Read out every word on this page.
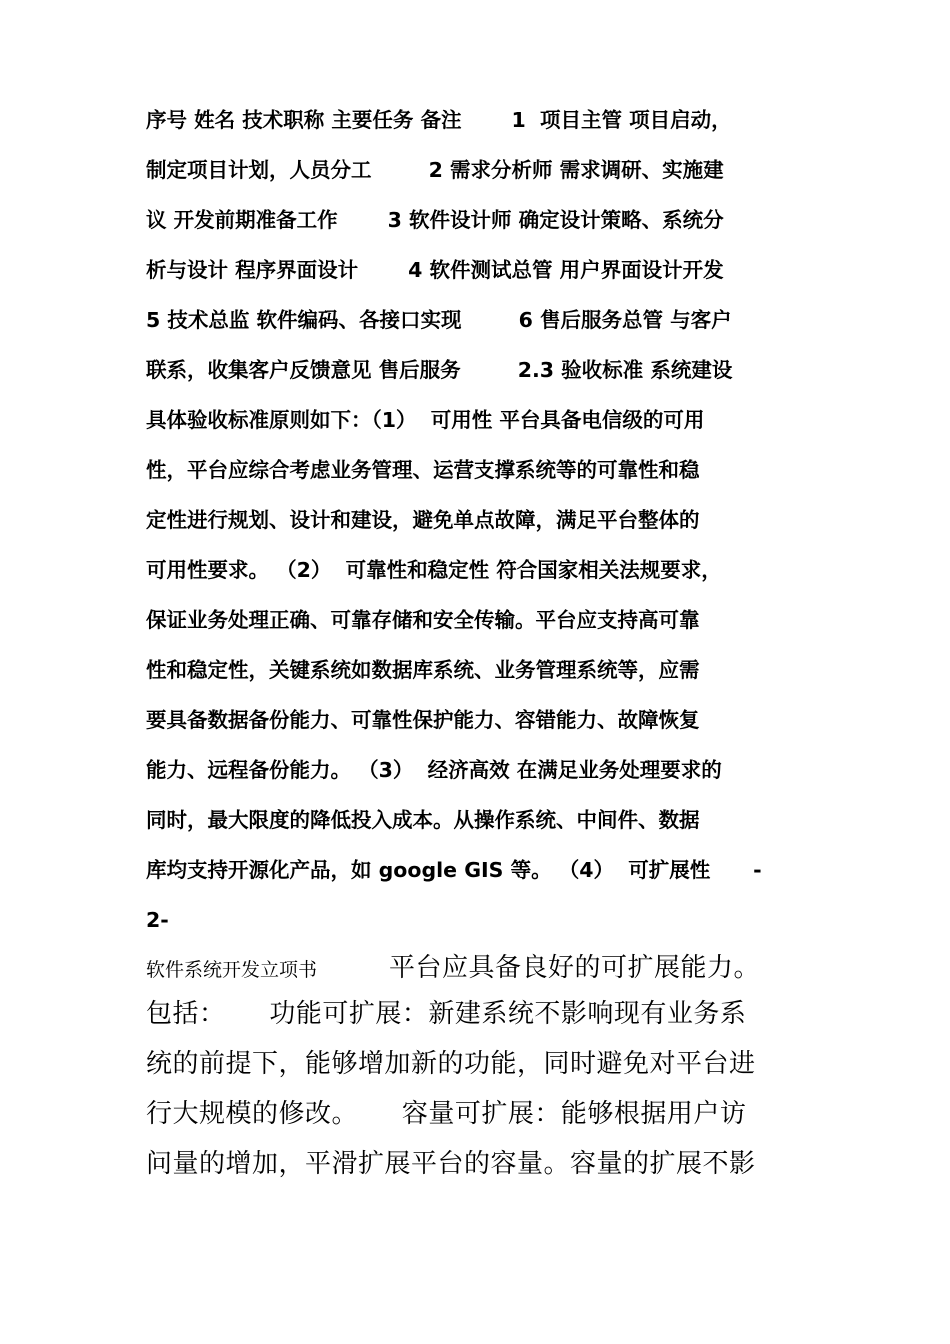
序号 姓名 技术职称 主要任务 备注       1  项目主管 项目启动，
制定项目计划，人员分工        2 需求分析师 需求调研、实施建
议 开发前期准备工作       3 软件设计师 确定设计策略、系统分
析与设计 程序界面设计       4 软件测试总管 用户界面设计开发
5 技术总监 软件编码、各接口实现        6 售后服务总管 与客户
联系，收集客户反馈意见 售后服务        2.3 验收标准 系统建设
具体验收标准原则如下：（1）  可用性 平台具备电信级的可用
性，平台应综合考虑业务管理、运营支撑系统等的可靠性和稳
定性进行规划、设计和建设，避免单点故障，满足平台整体的
可用性要求。 （2）  可靠性和稳定性 符合国家相关法规要求，
保证业务处理正确、可靠存储和安全传输。平台应支持高可靠
性和稳定性，关键系统如数据库系统、业务管理系统等，应需
要具备数据备份能力、可靠性保护能力、容错能力、故障恢复
能力、远程备份能力。 （3）  经济高效 在满足业务处理要求的
同时，最大限度的降低投入成本。从操作系统、中间件、数据
库均支持开源化产品，如 google GIS 等。 （4）  可扩展性      -
2-
软件系统开发立项书	平台应具备良好的可扩展能力。
包括：     功能可扩展：新建系统不影响现有业务系
统的前提下，能够增加新的功能，同时避免对平台进
行大规模的修改。     容量可扩展：能够根据用户访
问量的增加，平滑扩展平台的容量。容量的扩展不影
